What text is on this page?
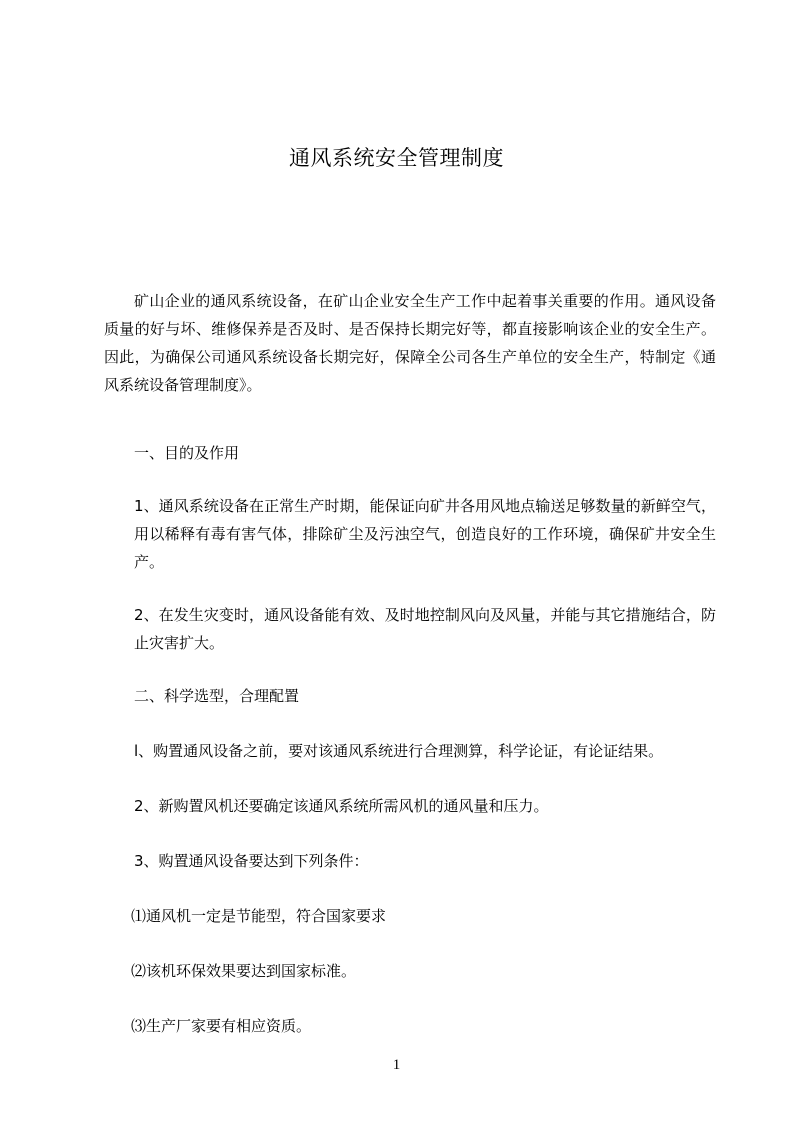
通风系统安全管理制度

矿山企业的通风系统设备，在矿山企业安全生产工作中起着事关重要的作用。通风设备质量的好与坏、维修保养是否及时、是否保持长期完好等，都直接影响该企业的安全生产。因此，为确保公司通风系统设备长期完好，保障全公司各生产单位的安全生产，特制定《通风系统设备管理制度》。

一、目的及作用

1、通风系统设备在正常生产时期，能保证向矿井各用风地点输送足够数量的新鲜空气，用以稀释有毒有害气体，排除矿尘及污浊空气，创造良好的工作环境，确保矿井安全生产。

2、在发生灾变时，通风设备能有效、及时地控制风向及风量，并能与其它措施结合，防止灾害扩大。

二、科学选型，合理配置

l、购置通风设备之前，要对该通风系统进行合理测算，科学论证，有论证结果。

2、新购置风机还要确定该通风系统所需风机的通风量和压力。

3、购置通风设备要达到下列条件：

⑴通风机一定是节能型，符合国家要求

⑵该机环保效果要达到国家标准。

⑶生产厂家要有相应资质。

1
